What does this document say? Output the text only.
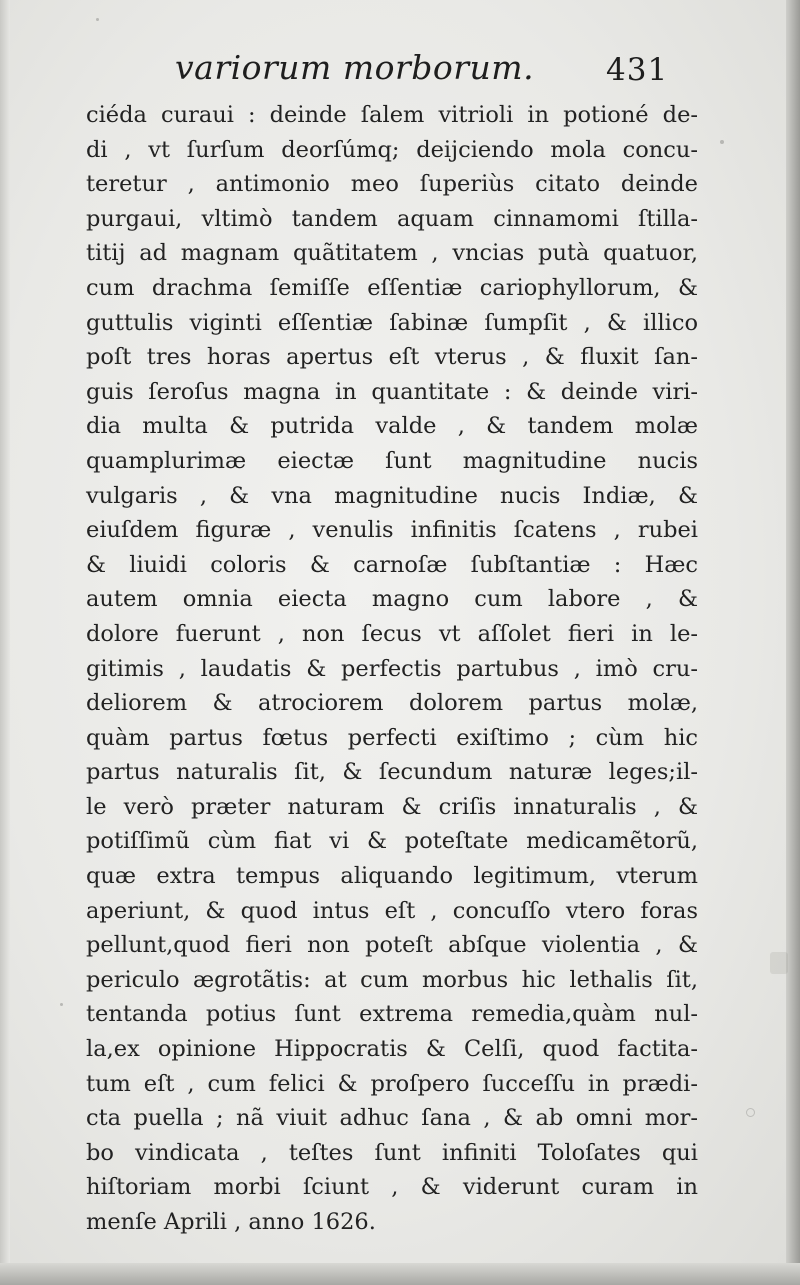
variorum morborum. 431
ciéda curaui : deinde ſalem vitrioli in potioné de-
di , vt ſurſum deorſúmq; deijciendo mola concu-
teretur , antimonio meo ſuperiùs citato deinde
purgaui, vltimò tandem aquam cinnamomi ſtilla-
titij ad magnam quãtitatem , vncias putà quatuor,
cum drachma ſemiſſe eſſentiæ cariophyllorum, &
guttulis viginti eſſentiæ ſabinæ ſumpſit , & illico
poſt tres horas apertus eſt vterus , & fluxit ſan-
guis ſeroſus magna in quantitate : & deinde viri-
dia multa & putrida valde , & tandem molæ
quamplurimæ eiectæ ſunt magnitudine nucis
vulgaris , & vna magnitudine nucis Indiæ, &
eiuſdem figuræ , venulis infinitis ſcatens , rubei
& liuidi coloris & carnoſæ ſubſtantiæ : Hæc
autem omnia eiecta magno cum labore , &
dolore fuerunt , non ſecus vt aſſolet fieri in le-
gitimis , laudatis & perfectis partubus , imò cru-
deliorem & atrociorem dolorem partus molæ,
quàm partus fœtus perfecti exiſtimo ; cùm hic
partus naturalis ſit, & ſecundum naturæ leges;il-
le verò præter naturam & criſis innaturalis , &
potiſſimũ cùm fiat vi & poteſtate medicamẽtorũ,
quæ extra tempus aliquando legitimum, vterum
aperiunt, & quod intus eſt , concuſſo vtero foras
pellunt,quod fieri non poteſt abſque violentia , &
periculo ægrotãtis: at cum morbus hic lethalis ſit,
tentanda potius ſunt extrema remedia,quàm nul-
la,ex opinione Hippocratis & Celſi, quod factita-
tum eſt , cum felici & proſpero ſucceſſu in prædi-
cta puella ; nã viuit adhuc ſana , & ab omni mor-
bo vindicata , teſtes ſunt infiniti Toloſates qui
hiſtoriam morbi ſciunt , & viderunt curam in
menſe Aprili , anno 1626.
